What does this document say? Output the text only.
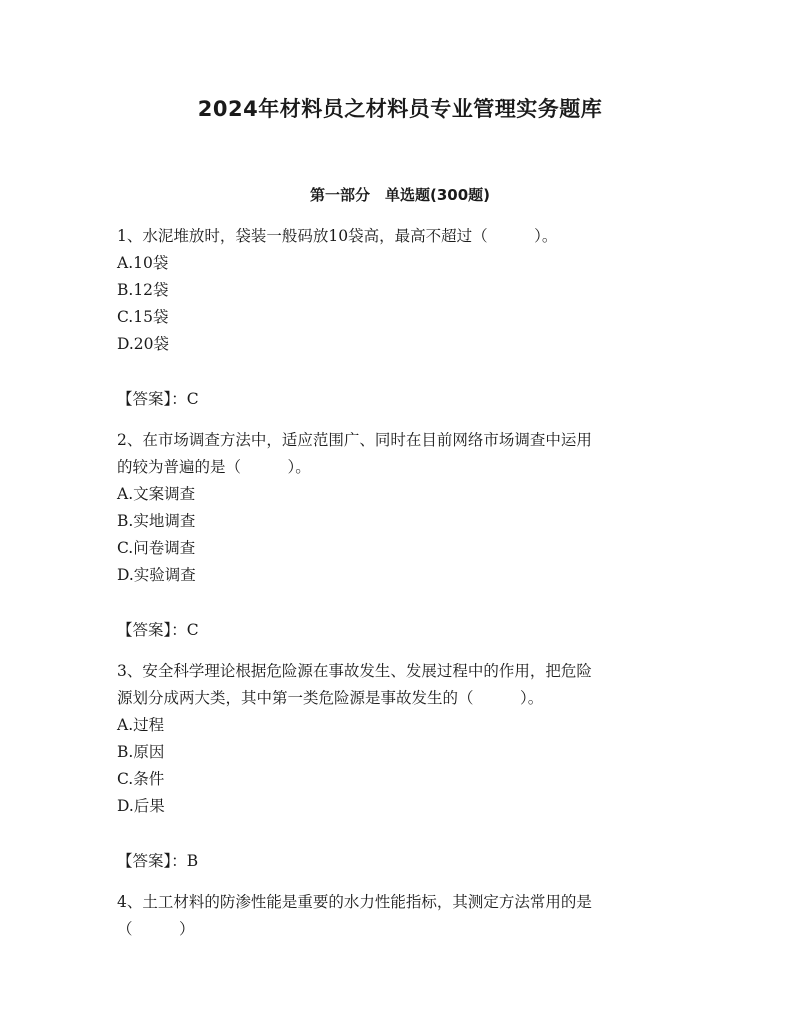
2024年材料员之材料员专业管理实务题库
第一部分　单选题(300题)
1、水泥堆放时，袋装一般码放10袋高，最高不超过（　　　）。
A.10袋
B.12袋
C.15袋
D.20袋
【答案】：C
2、在市场调查方法中，适应范围广、同时在目前网络市场调查中运用
的较为普遍的是（　　　）。
A.文案调查
B.实地调查
C.问卷调查
D.实验调查
【答案】：C
3、安全科学理论根据危险源在事故发生、发展过程中的作用，把危险
源划分成两大类，其中第一类危险源是事故发生的（　　　）。
A.过程
B.原因
C.条件
D.后果
【答案】：B
4、土工材料的防渗性能是重要的水力性能指标，其测定方法常用的是
（　　　）
